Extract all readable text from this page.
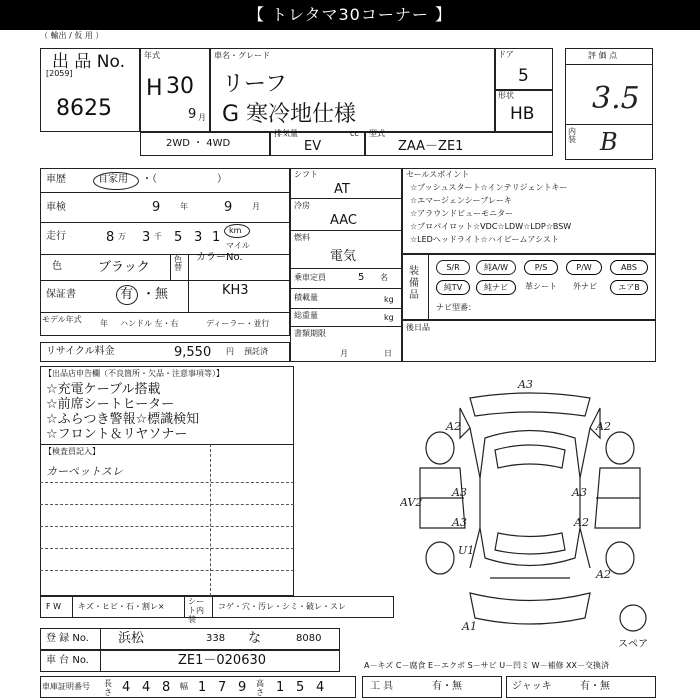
【 トレタマ30コーナー 】
（ 輸出 / 仮 用 ）
出 品 No.
[2059]
8625
年式
H 30
9 月
車名・グレード
リーフ
G 寒冷地仕様
ドア
5
形状
HB
評 価 点
3.5
内装 B
2WD ・ 4WD
排気量	cc
EV
型式
ZAA－ZE1
車歴	自家用 ・（　　　　　　）
車検	9 年	9 月
走行	8 万 3 千 5 3 1 km
マイル
色	ブラック
色替
保証書	有 ・無
カラーNo.
KH3
モデル年式 年 ハンドル 左・右	ディーラー・並行
リサイクル料金	9,550 円 預託済
シフト
AT
冷房
AAC
燃料
電気
乗車定員	5 名
積載量	kg
総重量	kg
書類期限
月	日
セールスポイント
☆プッシュスタート☆インテリジェントキー
☆エマージェンシーブレーキ
☆アラウンドビューモニター
☆プロパイロット☆VDC☆LDW☆LDP☆BSW
☆LEDヘッドライト☆ハイビームアシスト
装備品
S/R	純A/W	P/S	P/W	ABS
純TV	純ナビ	革シート	外ナビ	エアB
ナビ型番：
後日品
【出品店申告欄（不良箇所・欠品・注意事項等）】
☆充電ケーブル搭載
☆前席シートヒーター
☆ふらつき警報☆標識検知
☆フロント＆リヤソナー
【検査員記入】
カーペットスレ
A3
A2	A2
A3
A3
A3
A2
AV2
U1
A2
A1
スペア
F W キズ・ヒビ・石・割レ×
シート内装
コゲ・穴・汚レ・シミ・破レ・スレ
登 録 No. 浜松	338 な	8080
車 台 No.	ZE1－020630	A－キズ C－腐食 E－エクボ S－サビ U－凹ミ W－補修 XX－交換済
車庫証明番号 長さ 4 4 8 幅 1 7 9 高さ 1 5 4	工 具	有・無	ジャッキ	有・無
